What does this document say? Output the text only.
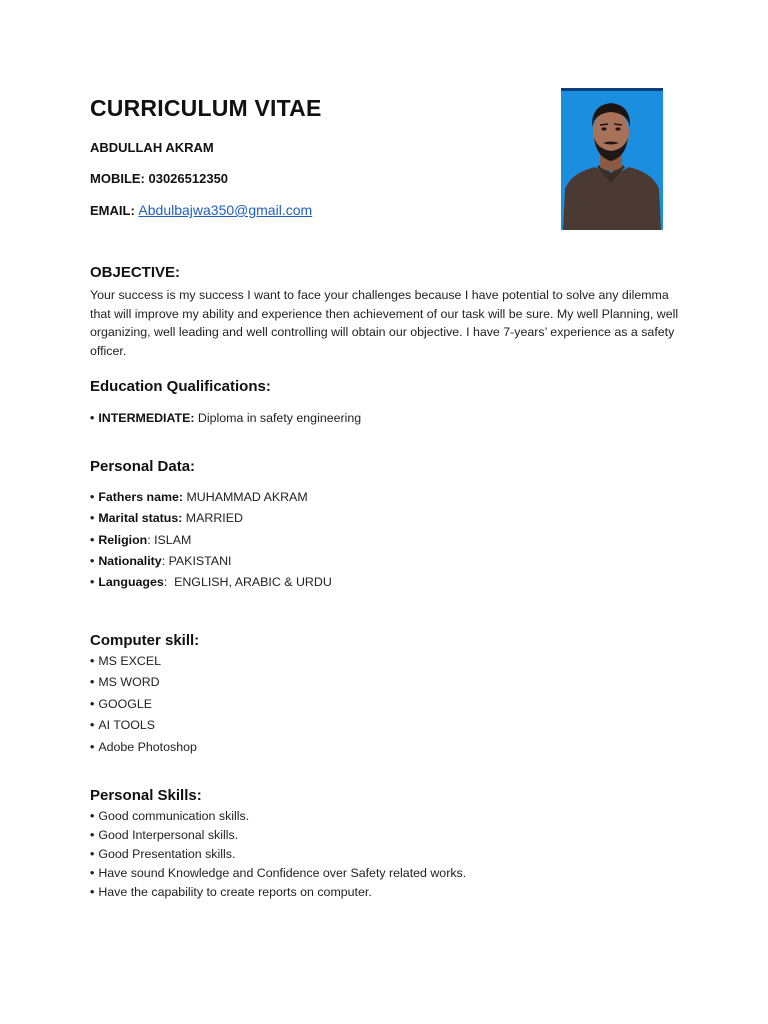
CURRICULUM VITAE

ABDULLAH AKRAM

MOBILE: 03026512350

EMAIL: Abdulbajwa350@gmail.com

OBJECTIVE:

Your success is my success I want to face your challenges because I have potential to solve any dilemma that will improve my ability and experience then achievement of our task will be sure. My well Planning, well organizing, well leading and well controlling will obtain our objective. I have 7-years’ experience as a safety officer.

Education Qualifications:
• INTERMEDIATE: Diploma in safety engineering
Personal Data:
• Fathers name: MUHAMMAD AKRAM
• Marital status: MARRIED
• Religion: ISLAM
• Nationality: PAKISTANI
• Languages:  ENGLISH, ARABIC & URDU
Computer skill:
• MS EXCEL
• MS WORD
• GOOGLE
• AI TOOLS
• Adobe Photoshop
Personal Skills:
• Good communication skills.
• Good Interpersonal skills.
• Good Presentation skills.
• Have sound Knowledge and Confidence over Safety related works.
• Have the capability to create reports on computer.
